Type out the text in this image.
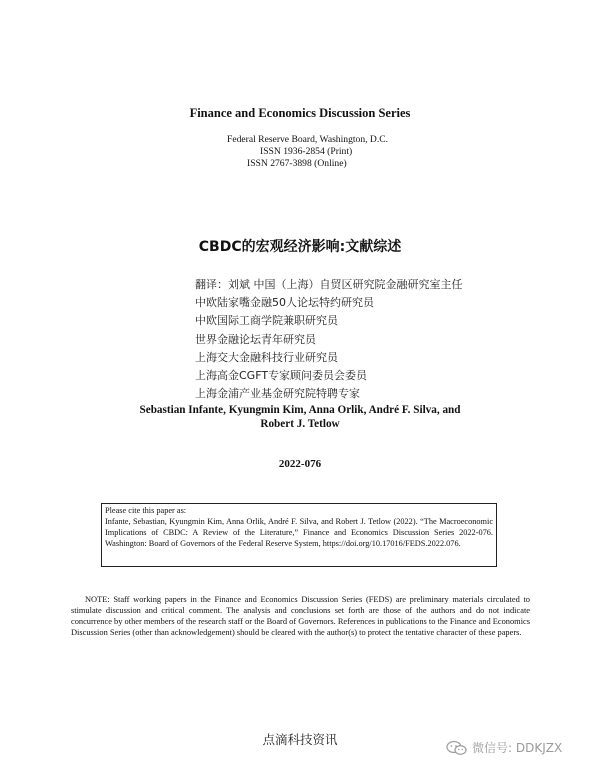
Finance and Economics Discussion Series
Federal Reserve Board, Washington, D.C.
ISSN 1936-2854 (Print)
ISSN 2767-3898 (Online)
CBDC的宏观经济影响:文献综述
翻译：刘斌 中国（上海）自贸区研究院金融研究室主任
中欧陆家嘴金融50人论坛特约研究员
中欧国际工商学院兼职研究员
世界金融论坛青年研究员
上海交大金融科技行业研究员
上海高金CGFT专家顾问委员会委员
上海金浦产业基金研究院特聘专家
Sebastian Infante, Kyungmin Kim, Anna Orlik, André F. Silva, and
Robert J. Tetlow
2022-076
Please cite this paper as:
Infante, Sebastian, Kyungmin Kim, Anna Orlik, André F. Silva, and Robert J. Tetlow (2022). “The Macroeconomic Implications of CBDC: A Review of the Literature,” Finance and Economics Discussion Series 2022-076. Washington: Board of Governors of the Federal Reserve System, https://doi.org/10.17016/FEDS.2022.076.
NOTE: Staff working papers in the Finance and Economics Discussion Series (FEDS) are preliminary materials circulated to stimulate discussion and critical comment. The analysis and conclusions set forth are those of the authors and do not indicate concurrence by other members of the research staff or the Board of Governors. References in publications to the Finance and Economics Discussion Series (other than acknowledgement) should be cleared with the author(s) to protect the tentative character of these papers.
点滴科技资讯
微信号: DDKJZX
